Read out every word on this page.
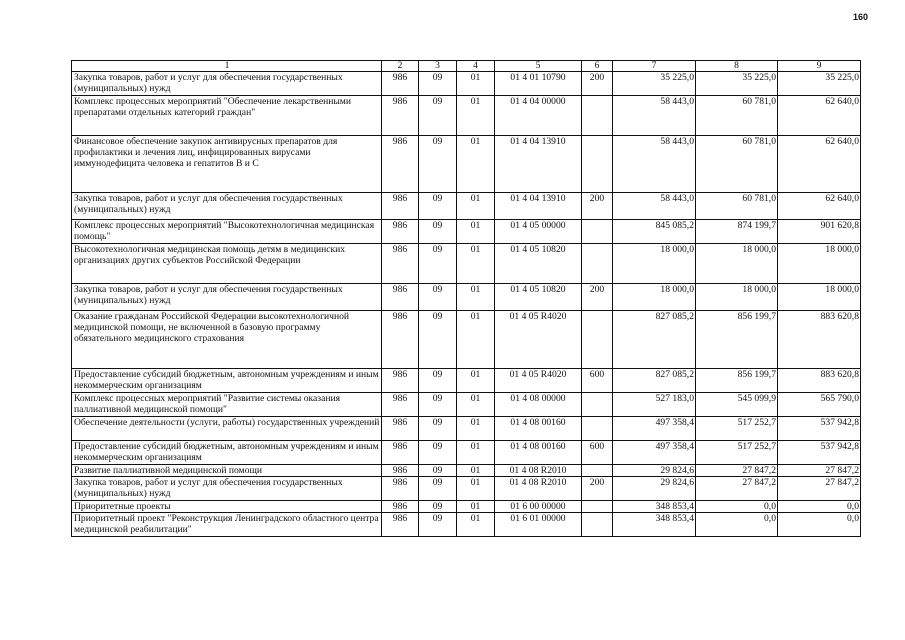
160
1	2	3	4	5	6	7	8	9
Закупка товаров, работ и услуг для обеспечения государственных (муниципальных) нужд	986	09	01	01 4 01 10790	200	35 225,0	35 225,0	35 225,0
Комплекс процессных мероприятий "Обеспечение лекарственными препаратами отдельных категорий граждан"	986	09	01	01 4 04 00000		58 443,0	60 781,0	62 640,0
Финансовое обеспечение закупок антивирусных препаратов для профилактики и лечения лиц, инфицированных вирусами иммунодефицита человека и гепатитов В и С	986	09	01	01 4 04 13910		58 443,0	60 781,0	62 640,0
Закупка товаров, работ и услуг для обеспечения государственных (муниципальных) нужд	986	09	01	01 4 04 13910	200	58 443,0	60 781,0	62 640,0
Комплекс процессных мероприятий "Высокотехнологичная медицинская помощь"	986	09	01	01 4 05 00000		845 085,2	874 199,7	901 620,8
Высокотехнологичная медицинская помощь детям в медицинских организациях других субъектов Российской Федерации	986	09	01	01 4 05 10820		18 000,0	18 000,0	18 000,0
Закупка товаров, работ и услуг для обеспечения государственных (муниципальных) нужд	986	09	01	01 4 05 10820	200	18 000,0	18 000,0	18 000,0
Оказание гражданам Российской Федерации высокотехнологичной медицинской помощи, не включенной в базовую программу обязательного медицинского страхования	986	09	01	01 4 05 R4020		827 085,2	856 199,7	883 620,8
Предоставление субсидий бюджетным, автономным учреждениям и иным некоммерческим организациям	986	09	01	01 4 05 R4020	600	827 085,2	856 199,7	883 620,8
Комплекс процессных мероприятий "Развитие системы оказания паллиативной медицинской помощи"	986	09	01	01 4 08 00000		527 183,0	545 099,9	565 790,0
Обеспечение деятельности (услуги, работы) государственных учреждений	986	09	01	01 4 08 00160		497 358,4	517 252,7	537 942,8
Предоставление субсидий бюджетным, автономным учреждениям и иным некоммерческим организациям	986	09	01	01 4 08 00160	600	497 358,4	517 252,7	537 942,8
Развитие паллиативной медицинской помощи	986	09	01	01 4 08 R2010		29 824,6	27 847,2	27 847,2
Закупка товаров, работ и услуг для обеспечения государственных (муниципальных) нужд	986	09	01	01 4 08 R2010	200	29 824,6	27 847,2	27 847,2
Приоритетные проекты	986	09	01	01 6 00 00000		348 853,4	0,0	0,0
Приоритетный проект "Реконструкция Ленинградского областного центра медицинской реабилитации"	986	09	01	01 6 01 00000		348 853,4	0,0	0,0
